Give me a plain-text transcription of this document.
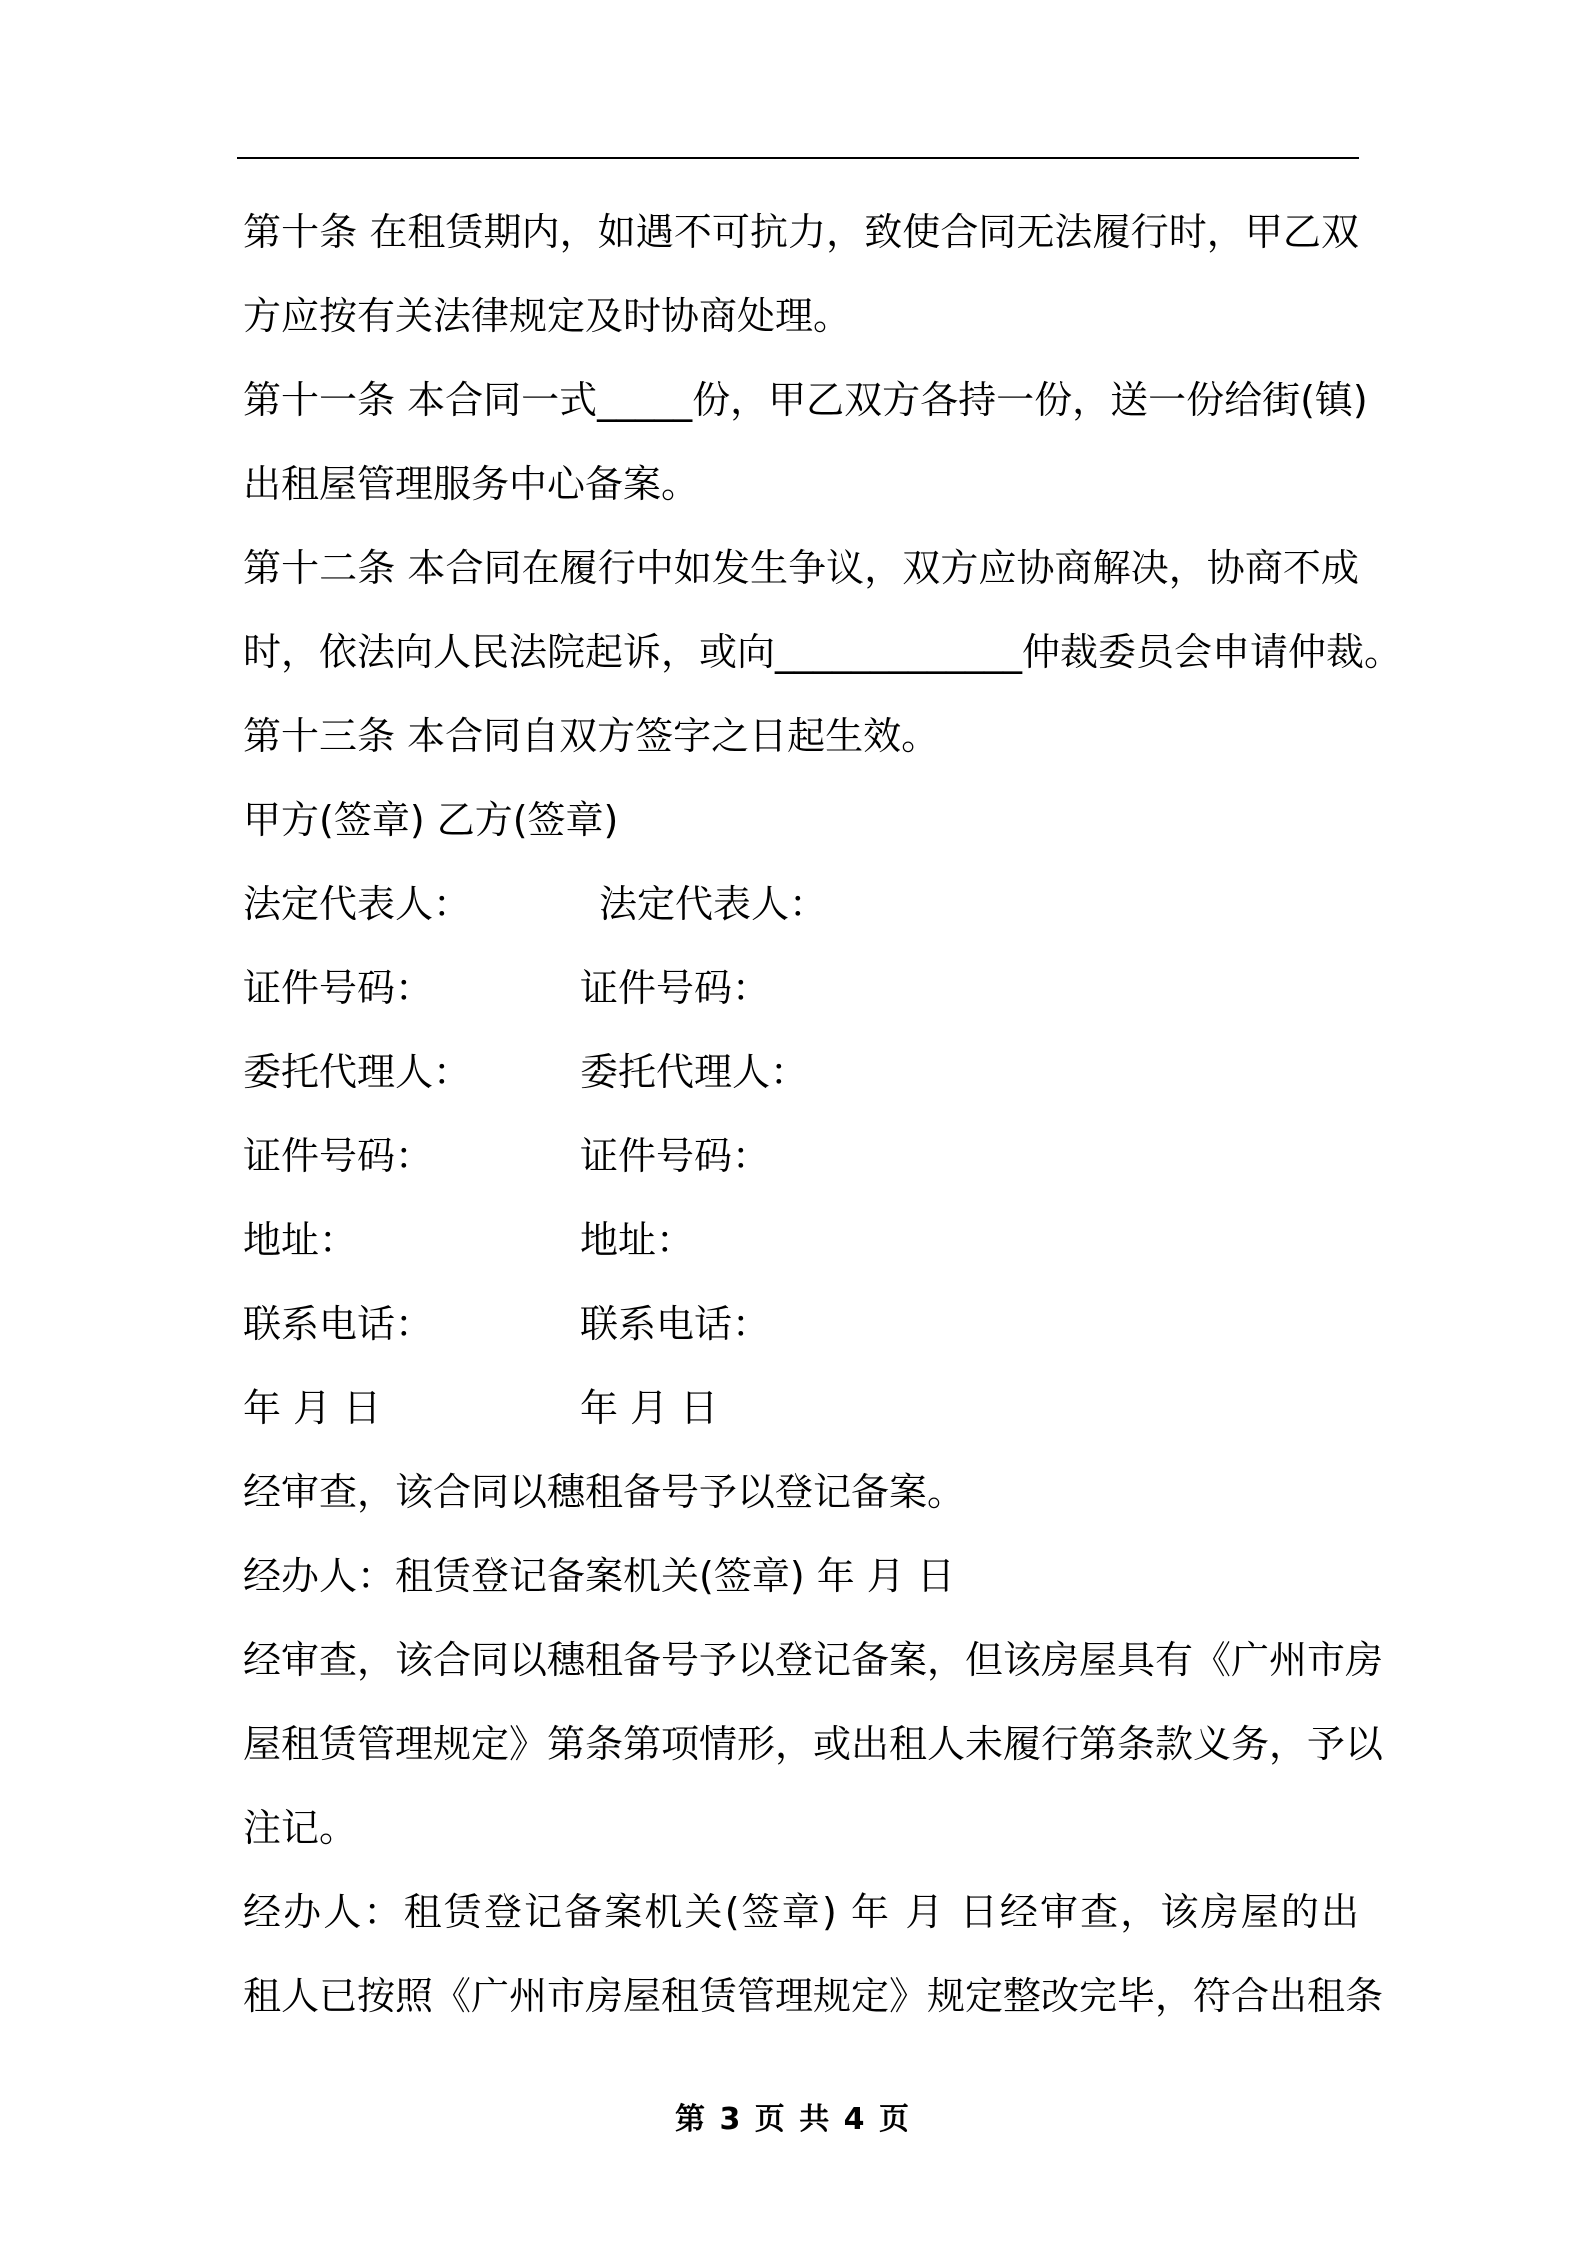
第十条 在租赁期内，如遇不可抗力，致使合同无法履行时，甲乙双
方应按有关法律规定及时协商处理。
第十一条 本合同一式_____份，甲乙双方各持一份，送一份给街(镇)
出租屋管理服务中心备案。
第十二条 本合同在履行中如发生争议，双方应协商解决，协商不成
时，依法向人民法院起诉，或向_____________仲裁委员会申请仲裁。
第十三条 本合同自双方签字之日起生效。
甲方(签章) 乙方(签章)
法定代表人：	法定代表人：
证件号码：	证件号码：
委托代理人：	委托代理人：
证件号码：	证件号码：
地址：	地址：
联系电话：	联系电话：
年 月 日	年 月 日
经审查，该合同以穗租备号予以登记备案。
经办人：租赁登记备案机关(签章) 年 月 日
经审查，该合同以穗租备号予以登记备案，但该房屋具有《广州市房
屋租赁管理规定》第条第项情形，或出租人未履行第条款义务，予以
注记。
经办人：租赁登记备案机关(签章) 年 月 日经审查，该房屋的出
租人已按照《广州市房屋租赁管理规定》规定整改完毕，符合出租条
第 3 页 共 4 页
